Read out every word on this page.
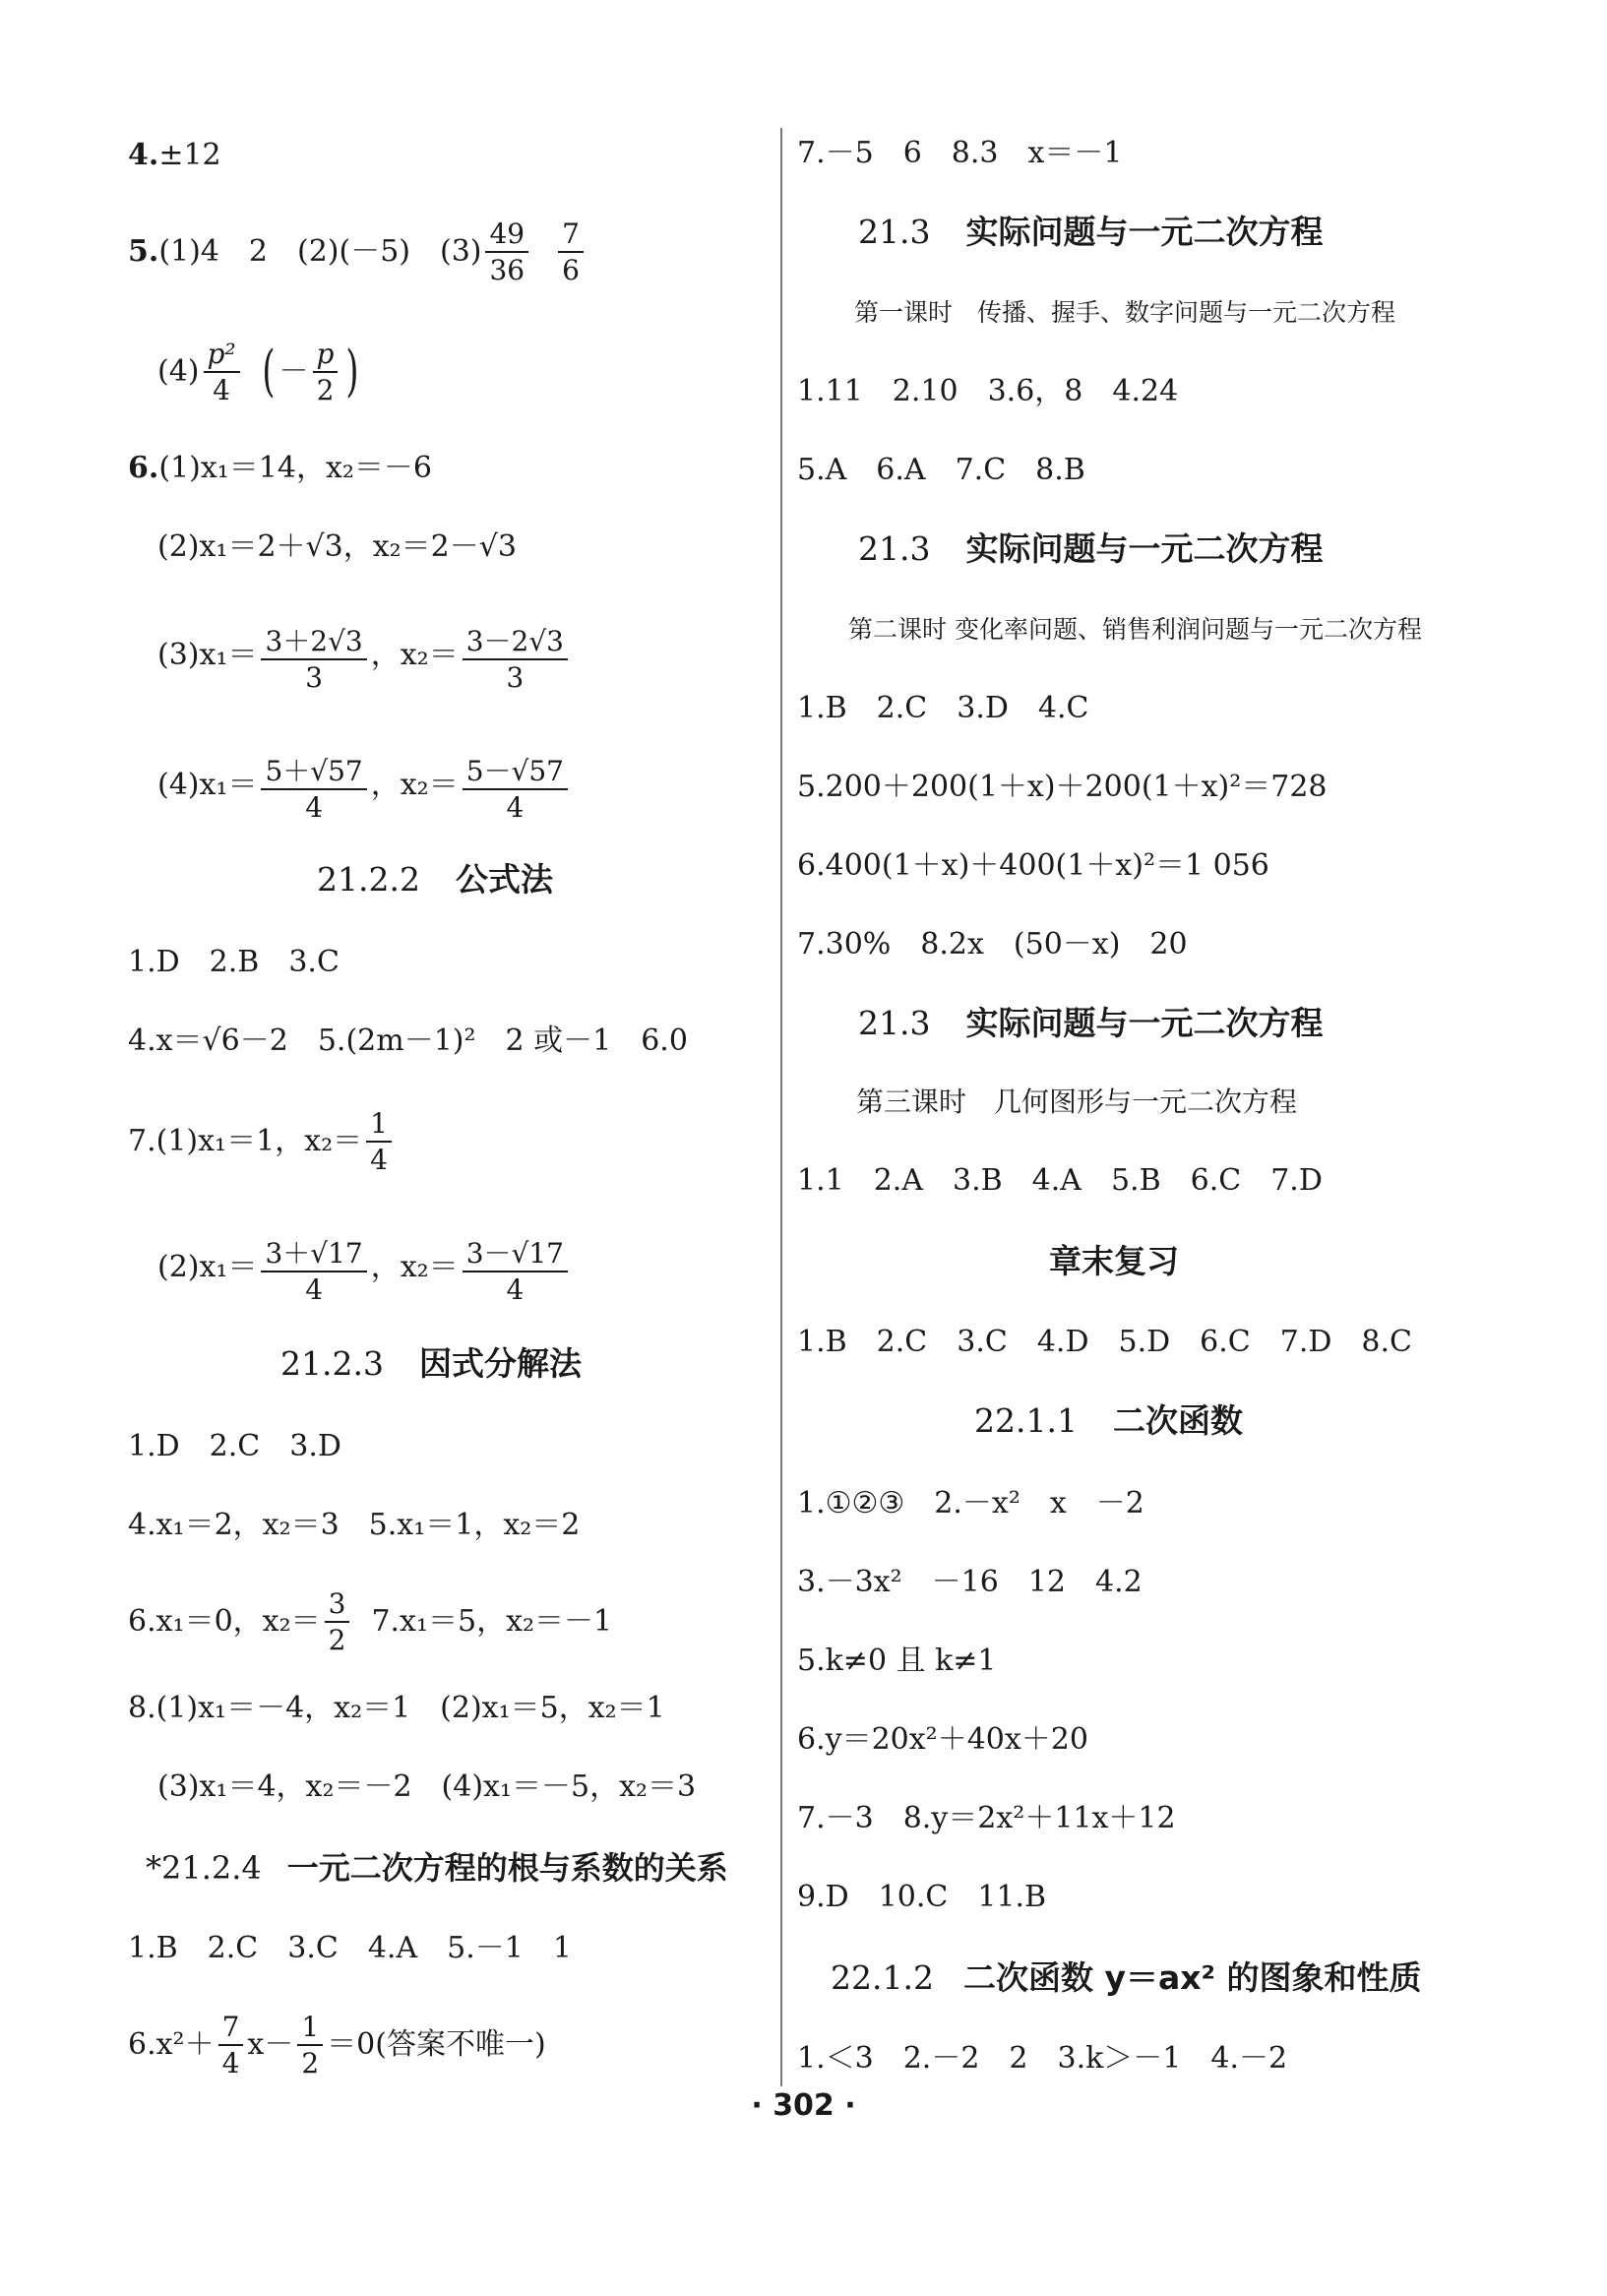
4. ±12
5. (1)4　2　(2)(－5)　$(3) \frac{49}{36} \frac{7}{6}$
$(4) \frac{\text{p²}}{4}$ ( － $\frac{p}{2}$ )
6. (1)x₁＝14，x₂＝－6
(2)x₁＝2＋√3，x₂＝2－√3
$(3)x_1= \frac{3+2√3}{3}$ ，$x_2= \frac{3-2√3}{3}$
$(4)x_1= \frac{5+√57}{4}$ ，$x_2= \frac{5-√57}{4}$
21.2.2 公式法
1.D　2.B　3.C
4.x＝√6－2　5.(2m－1)²　2 或－1　6.0
7.(1)x₁＝1，$x_2= \frac{1}{4}$
$(2)x_1= \frac{3+√17}{4}$ ，$x_2= \frac{3-√17}{4}$
21.2.3 因式分解法
1.D　2.C　3.D
4.x₁＝2，x₂＝3　5.x₁＝1，x₂＝2
6.x₁＝0，$x_2= \frac{3}{2} 7.x_1=5$，x₂＝－1
8.(1)x₁＝－4，x₂＝1　(2)x₁＝5，x₂＝1
(3)x₁＝4，x₂＝－2　(4)x₁＝－5，x₂＝3
*21.2.4 一元二次方程的根与系数的关系
1.B　2.C　3.C　4.A　5.－1　1
$6.x^2+ \frac{7}{4} x- \frac{1}{2} =0$(答案不唯一)
7.－5　6　8.3　x＝－1
21.3 实际问题与一元二次方程
第一课时　传播、握手、数字问题与一元二次方程
1.11　2.10　3.6，8　4.24
5.A　6.A　7.C　8.B
21.3 实际问题与一元二次方程
第二课时 变化率问题、销售利润问题与一元二次方程
1.B　2.C　3.D　4.C
5.200＋200(1＋x)＋200(1＋x)²＝728
6.400(1＋x)＋400(1＋x)²＝1 056
7.30%　8.2x　(50－x)　20
21.3 实际问题与一元二次方程
第三课时　几何图形与一元二次方程
1.1　2.A　3.B　4.A　5.B　6.C　7.D
章末复习
1.B　2.C　3.C　4.D　5.D　6.C　7.D　8.C
22.1.1 二次函数
1.①②③　2.－x²　x　－2
3.－3x²　－16　12　4.2
5.k≠0 且 k≠1
6.y＝20x²＋40x＋20
7.－3　8.y＝2x²＋11x＋12
9.D　10.C　11.B
22.1.2 二次函数 y＝ax² 的图象和性质
1.＜3　2.－2　2　3.k＞－1　4.－2
· 302 ·
